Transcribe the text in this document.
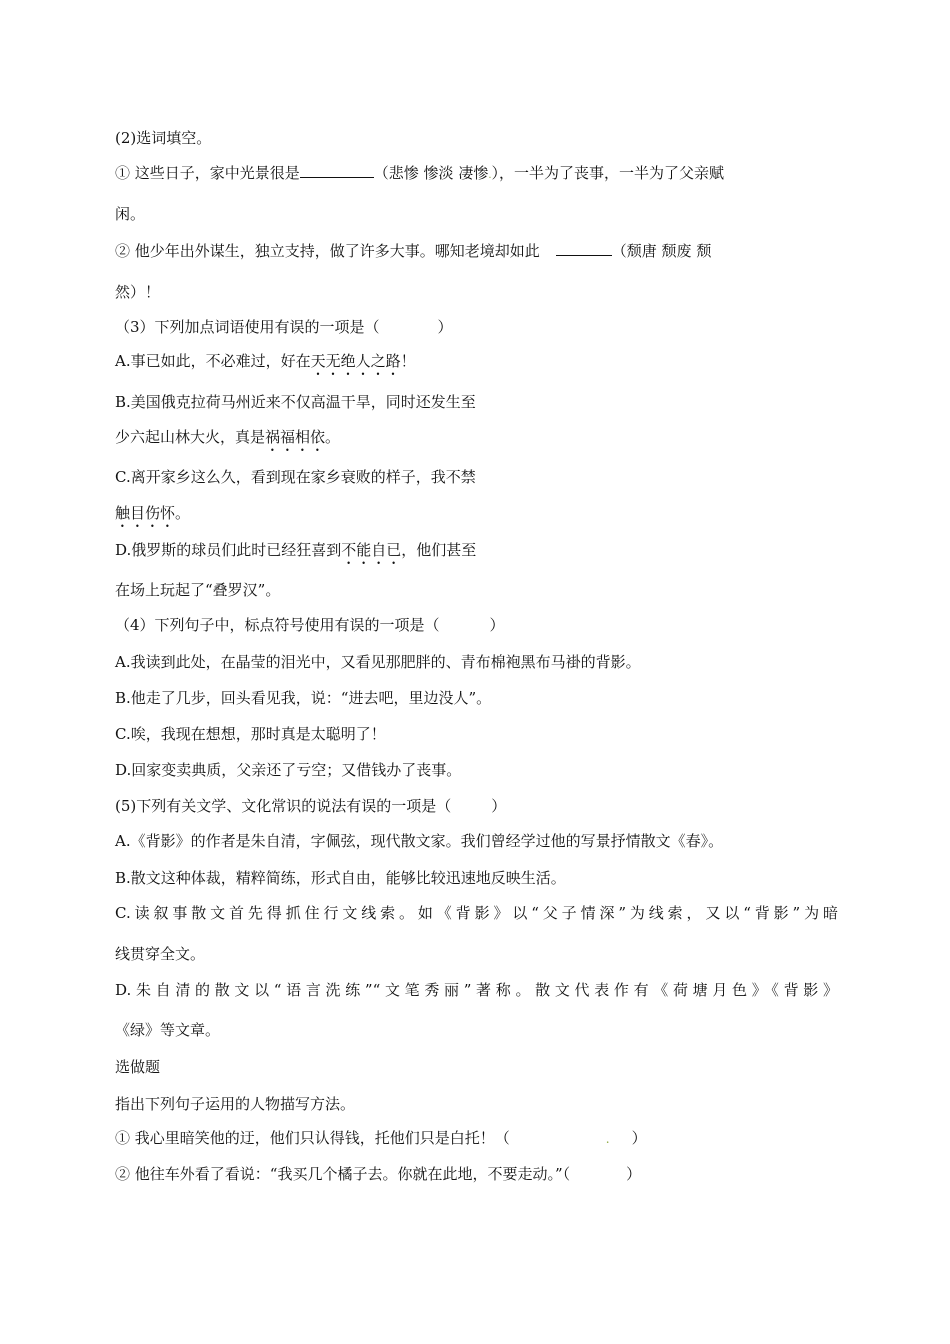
(2)选词填空。
① 这些日子，家中光景很是	（悲惨 惨淡 凄惨.），一半为了丧事，一半为了父亲赋
闲。
② 他少年出外谋生，独立支持，做了许多大事。哪知老境却如此	（颓唐 颓废 颓
然）！
（3）下列加点词语使用有误的一项是（	）
A.事已如此，不必难过，好在天无绝人之路！
B.美国俄克拉荷马州近来不仅高温干旱，同时还发生至
少六起山林大火，真是祸福相依。
C.离开家乡这么久，看到现在家乡衰败的样子，我不禁
触目伤怀。
D.俄罗斯的球员们此时已经狂喜到不能自已，他们甚至
在场上玩起了“叠罗汉”。
（4）下列句子中，标点符号使用有误的一项是（	）
A.我读到此处，在晶莹的泪光中，又看见那肥胖的、青布棉袍黑布马褂的背影。
B.他走了几步，回头看见我，说：“进去吧，里边没人”。
C.唉，我现在想想，那时真是太聪明了！
D.回家变卖典质，父亲还了亏空；又借钱办了丧事。
(5)下列有关文学、文化常识的说法有误的一项是（	）
A.《背影》的作者是朱自清，字佩弦，现代散文家。我们曾经学过他的写景抒情散文《春》。
B.散文这种体裁，精粹简练，形式自由，能够比较迅速地反映生活。
C.读叙事散文首先得抓住行文线索。如《背影》以“父子情深”为线索，又以“背影”为暗
线贯穿全文。
D.朱自清的散文以“语言洗练”“文笔秀丽”著称。散文代表作有《荷塘月色》《背影》
《绿》等文章。
选做题
指出下列句子运用的人物描写方法。
① 我心里暗笑他的迂，他们只认得钱，托他们只是白托！（	. ）
② 他往车外看了看说：“我买几个橘子去。你就在此地，不要走动。”（	）
